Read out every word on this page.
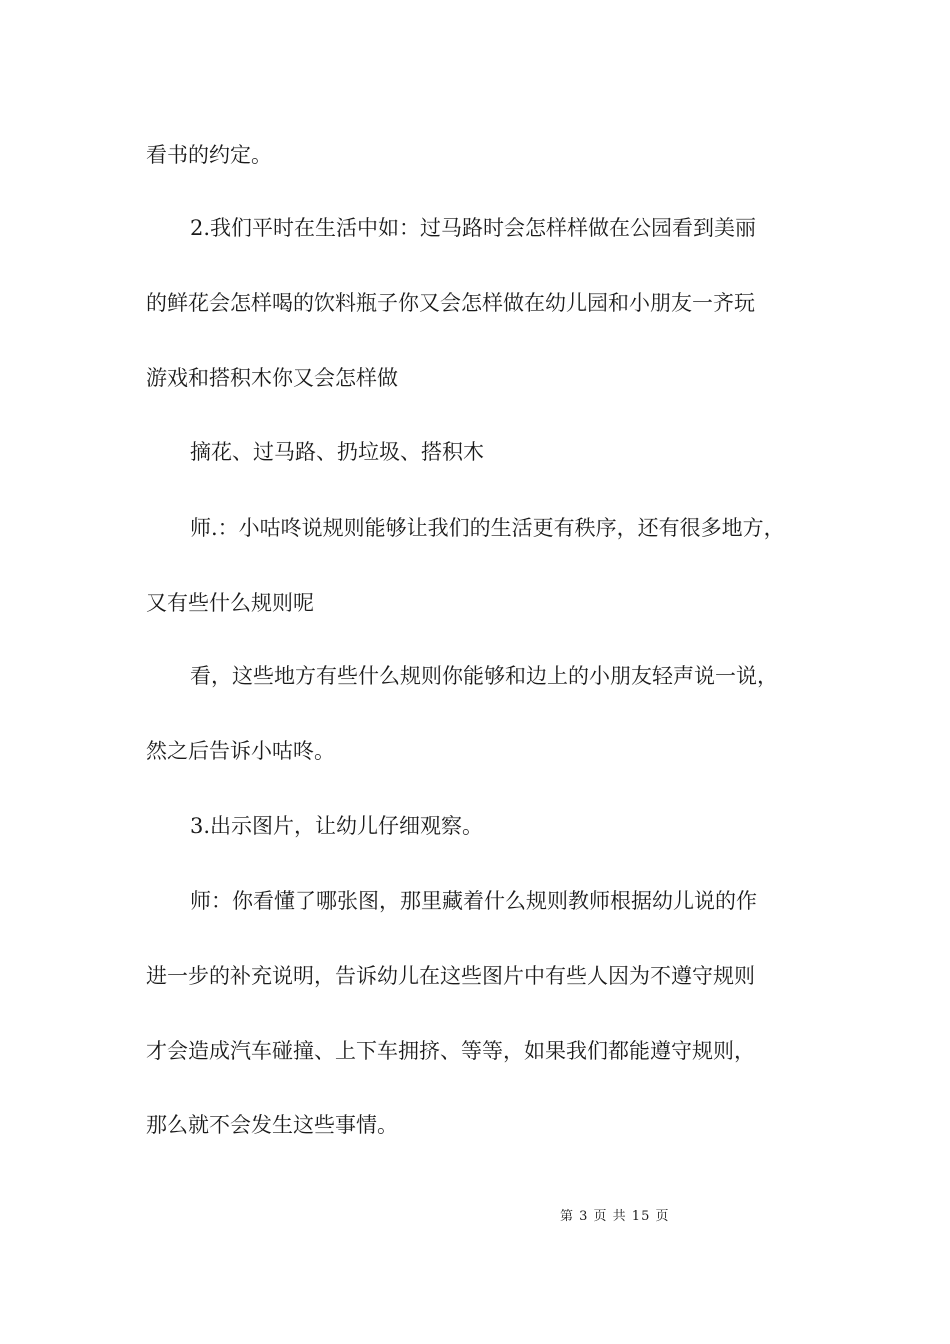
看书的约定。
2.我们平时在生活中如：过马路时会怎样样做在公园看到美丽
的鲜花会怎样喝的饮料瓶子你又会怎样做在幼儿园和小朋友一齐玩
游戏和搭积木你又会怎样做
摘花、过马路、扔垃圾、搭积木
师.：小咕咚说规则能够让我们的生活更有秩序，还有很多地方，
又有些什么规则呢
看，这些地方有些什么规则你能够和边上的小朋友轻声说一说，
然之后告诉小咕咚。
3.出示图片，让幼儿仔细观察。
师：你看懂了哪张图，那里藏着什么规则教师根据幼儿说的作
进一步的补充说明，告诉幼儿在这些图片中有些人因为不遵守规则
才会造成汽车碰撞、上下车拥挤、等等，如果我们都能遵守规则，
那么就不会发生这些事情。
第 3 页 共 15 页
